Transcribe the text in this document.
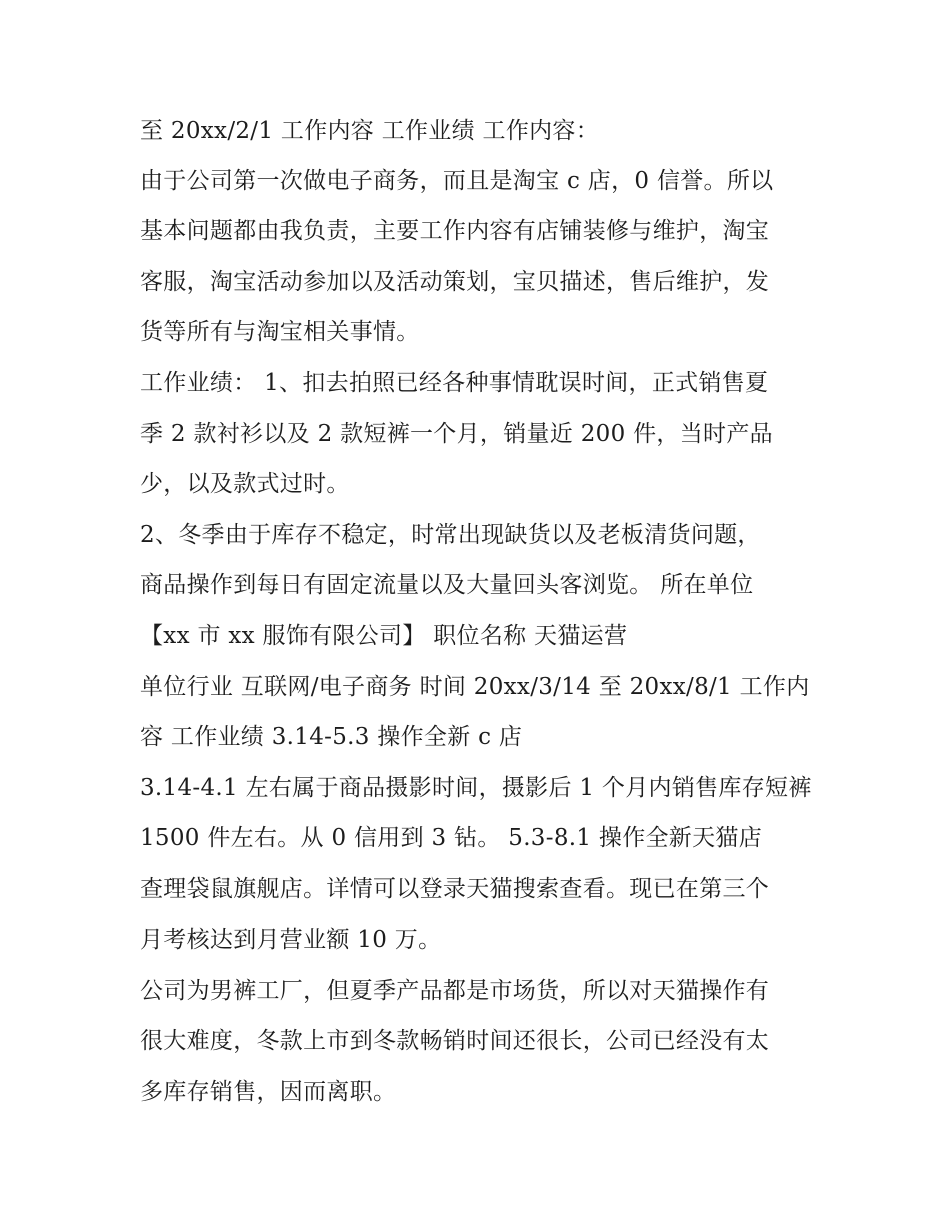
至 20xx/2/1 工作内容 工作业绩 工作内容：
由于公司第一次做电子商务，而且是淘宝 c 店，0 信誉。所以
基本问题都由我负责，主要工作内容有店铺装修与维护，淘宝
客服，淘宝活动参加以及活动策划，宝贝描述，售后维护，发
货等所有与淘宝相关事情。
工作业绩： 1、扣去拍照已经各种事情耽误时间，正式销售夏
季 2 款衬衫以及 2 款短裤一个月，销量近 200 件，当时产品
少，以及款式过时。
2、冬季由于库存不稳定，时常出现缺货以及老板清货问题，
商品操作到每日有固定流量以及大量回头客浏览。 所在单位
【xx 市 xx 服饰有限公司】 职位名称 天猫运营
单位行业 互联网/电子商务 时间 20xx/3/14 至 20xx/8/1 工作内
容 工作业绩 3.14-5.3 操作全新 c 店
3.14-4.1 左右属于商品摄影时间，摄影后 1 个月内销售库存短裤
1500 件左右。从 0 信用到 3 钻。 5.3-8.1 操作全新天猫店
查理袋鼠旗舰店。详情可以登录天猫搜索查看。现已在第三个
月考核达到月营业额 10 万。
公司为男裤工厂，但夏季产品都是市场货，所以对天猫操作有
很大难度，冬款上市到冬款畅销时间还很长，公司已经没有太
多库存销售，因而离职。
